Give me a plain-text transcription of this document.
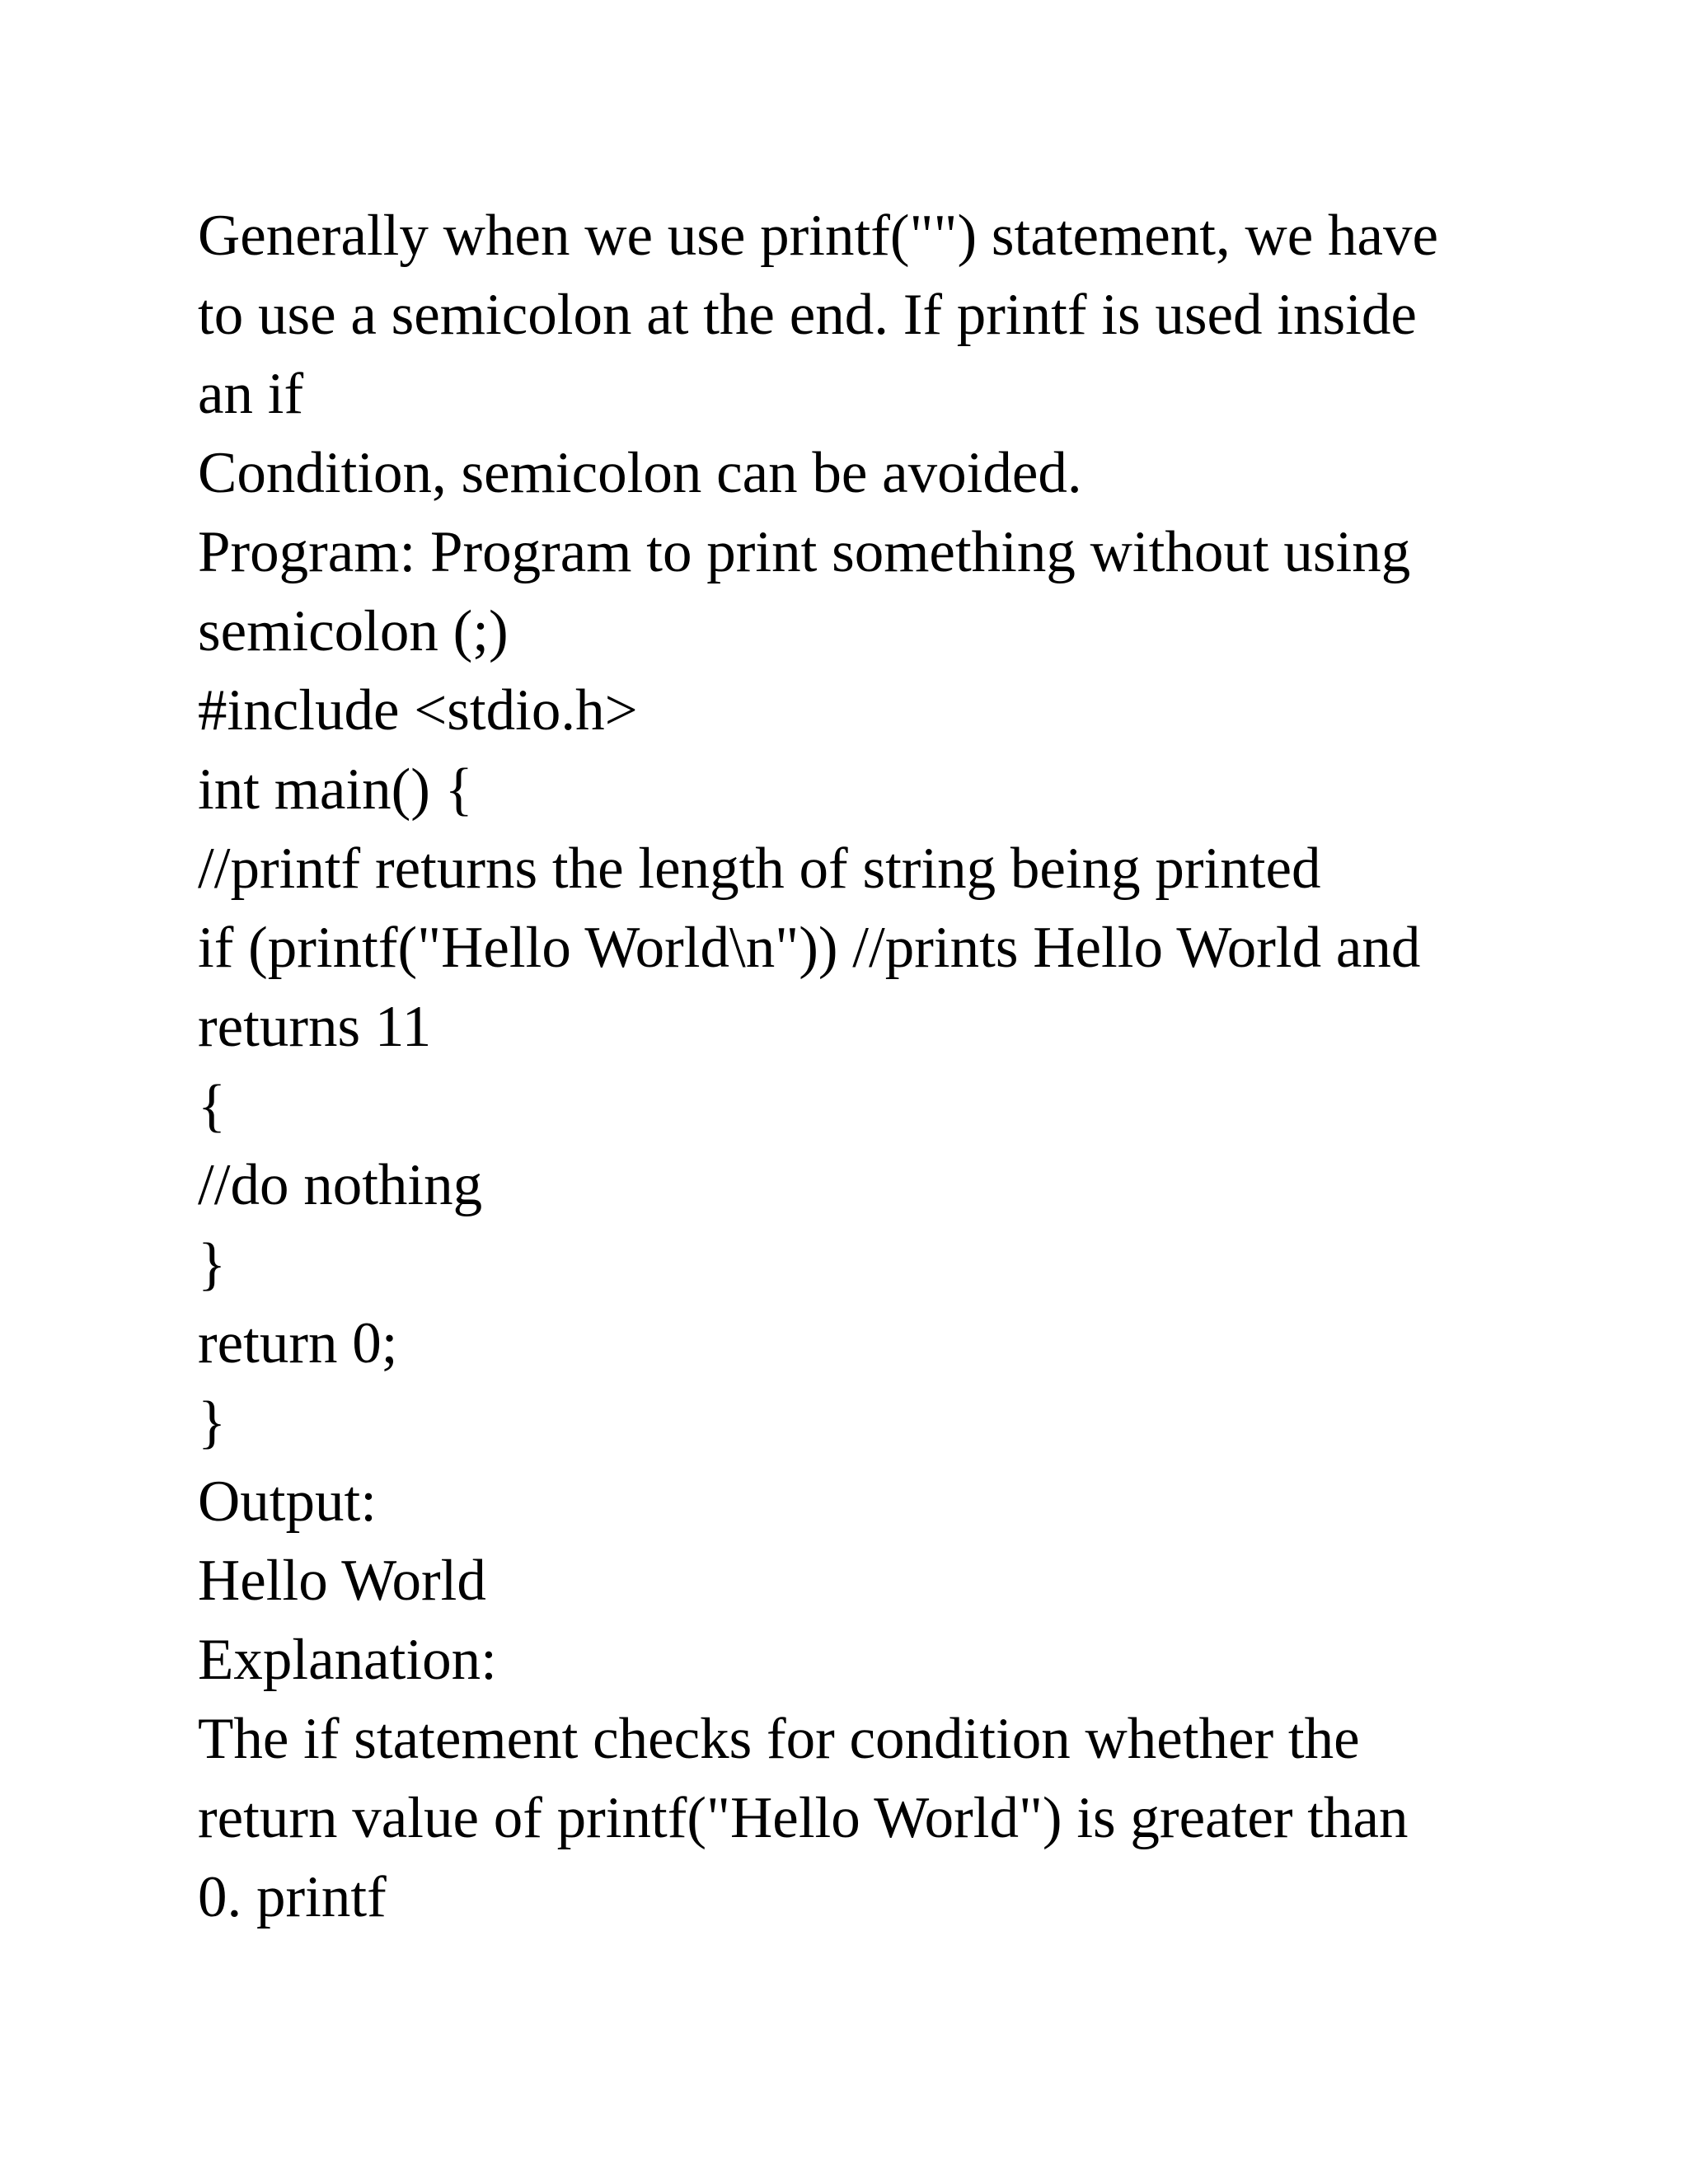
Generally when we use printf("") statement, we have
to use a semicolon at the end. If printf is used inside
an if
Condition, semicolon can be avoided.
Program: Program to print something without using
semicolon (;)
#include <stdio.h>
int main() {
//printf returns the length of string being printed
if (printf("Hello World\n")) //prints Hello World and
returns 11
{
//do nothing
}
return 0;
}
Output:
Hello World
Explanation:
The if statement checks for condition whether the
return value of printf("Hello World") is greater than
0. printf
